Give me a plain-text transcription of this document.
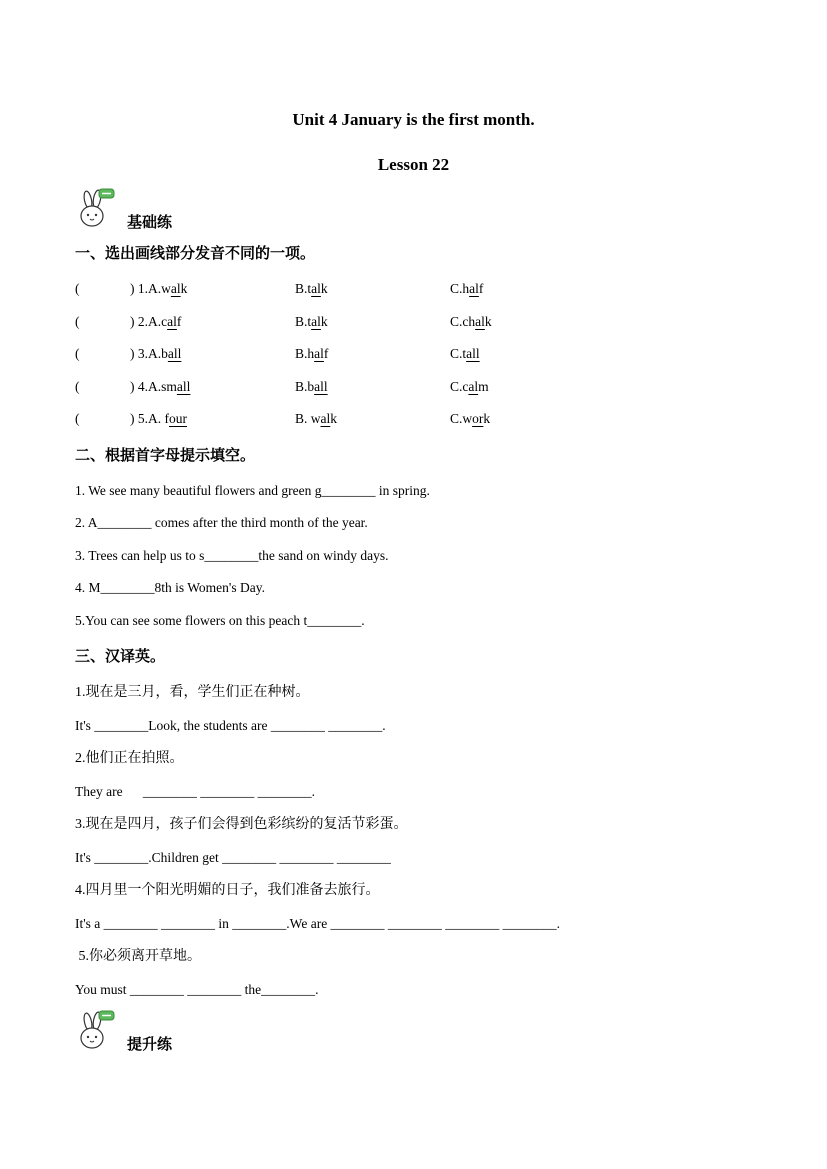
Unit 4 January is the first month.
Lesson 22
基础练
一、选出画线部分发音不同的一项。
(	) 1.A.walk	B.talk	C.half
(	) 2.A.calf	B.talk	C.chalk
(	) 3.A.ball	B.half	C.tall
(	) 4.A.small	B.ball	C.calm
(	) 5.A. four	B. walk	C.work
二、根据首字母提示填空。

1. We see many beautiful flowers and green g________ in spring.

2. A________ comes after the third month of the year.

3. Trees can help us to s________the sand on windy days.

4. M________8th is Women's Day.

5.You can see some flowers on this peach t________.

三、汉译英。

1.现在是三月，看，学生们正在种树。

It's ________Look, the students are ________ ________.

2.他们正在拍照。

They are      ________ ________ ________.

3.现在是四月，孩子们会得到色彩缤纷的复活节彩蛋。

It's ________.Children get ________ ________ ________

4.四月里一个阳光明媚的日子，我们准备去旅行。

It's a ________ ________ in ________.We are ________ ________ ________ ________.

5.你必须离开草地。

You must ________ ________ the________.

提升练
